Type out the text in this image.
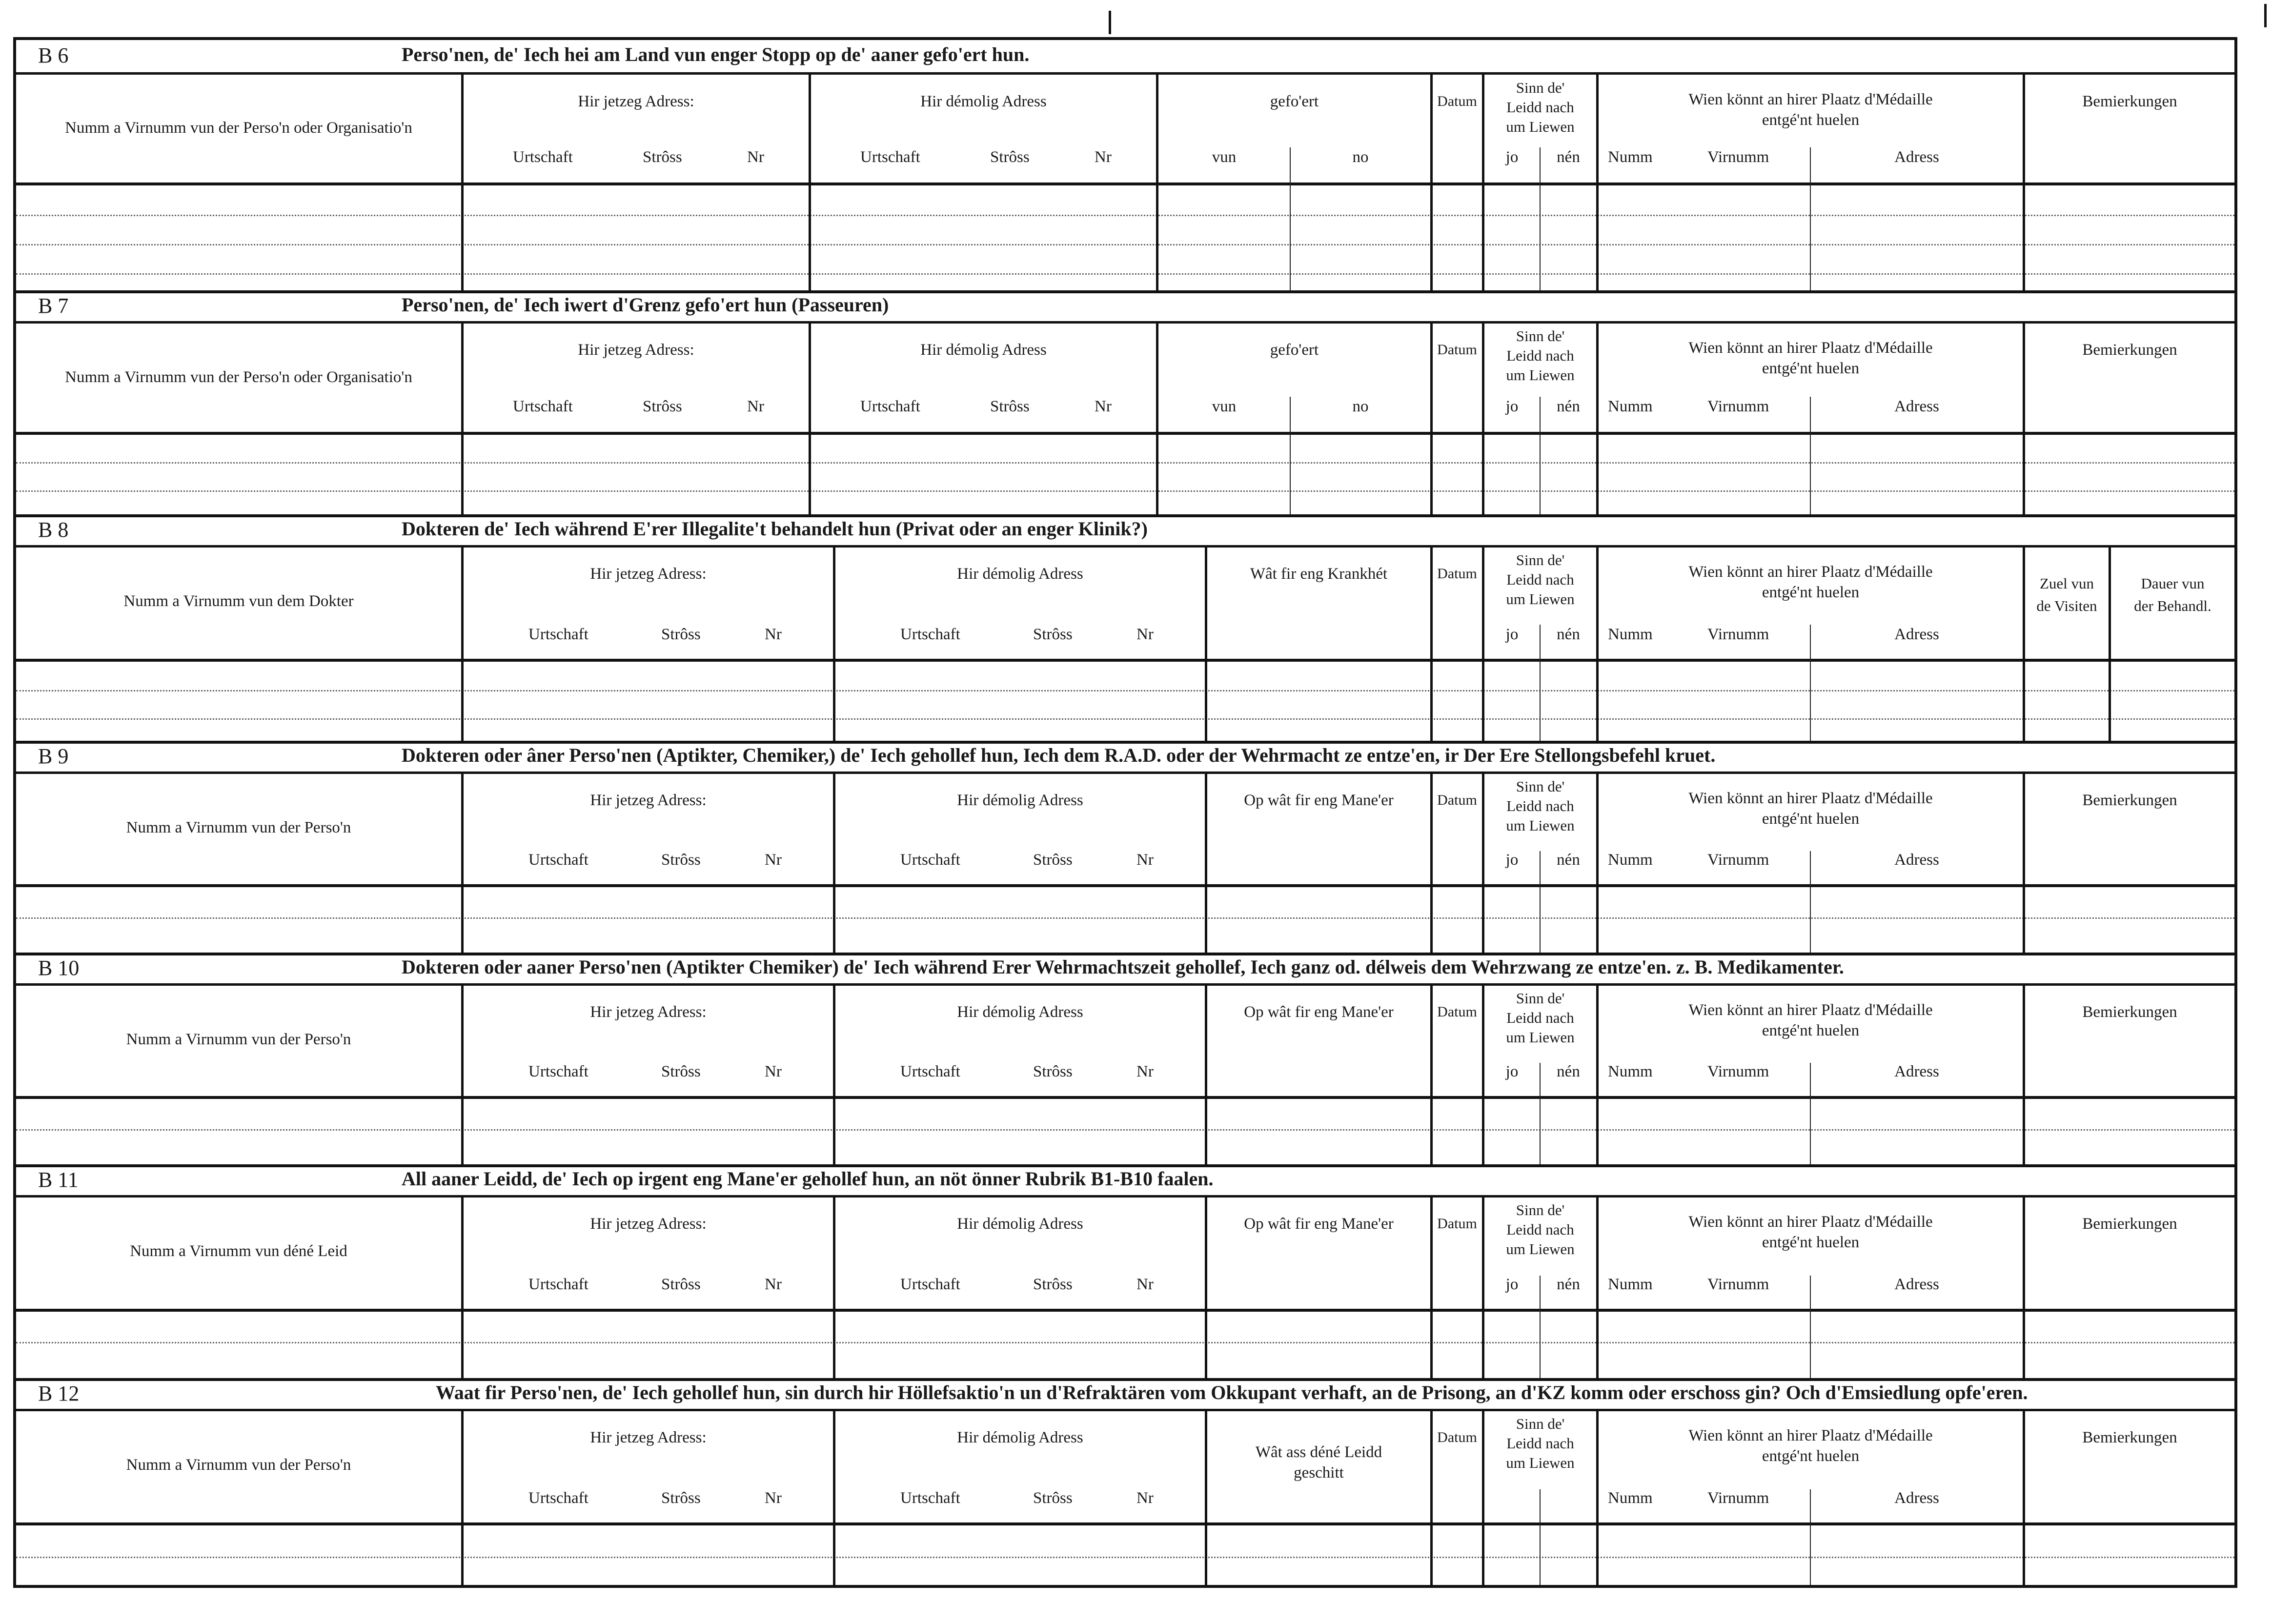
B 6	Perso'nen, de' Iech hei am Land vun enger Stopp op de' aaner gefo'ert hun.
Numm a Virnumm vun der Perso'n oder Organisatio'n
Hir jetzeg Adress:
Urtschaft	Strôss	Nr
Hir démolig Adress
Urtschaft	Strôss	Nr
gefo'ert
vun	no
Datum
Sinn de'
Leidd nach
um Liewen
jo	nén
Wien könnt an hirer Plaatz d'Médaille
entgé'nt huelen
Numm	Virnumm	Adress
Bemierkungen
B 7	Perso'nen, de' Iech iwert d'Grenz gefo'ert hun (Passeuren)
Numm a Virnumm vun der Perso'n oder Organisatio'n
Hir jetzeg Adress:
Urtschaft	Strôss	Nr
Hir démolig Adress
Urtschaft	Strôss	Nr
gefo'ert
vun	no
Datum
Sinn de'
Leidd nach
um Liewen
jo	nén
Wien könnt an hirer Plaatz d'Médaille
entgé'nt huelen
Numm	Virnumm	Adress
Bemierkungen
B 8	Dokteren de' Iech während E'rer Illegalite't behandelt hun (Privat oder an enger Klinik?)
Numm a Virnumm vun dem Dokter
Hir jetzeg Adress:
Urtschaft	Strôss	Nr
Hir démolig Adress
Urtschaft	Strôss	Nr
Wât fir eng Krankhét	Datum
Sinn de'
Leidd nach
um Liewen
jo	nén
Wien könnt an hirer Plaatz d'Médaille
entgé'nt huelen
Numm	Virnumm	Adress
Zuel vun
de Visiten
Dauer vun
der Behandl.
B 9	Dokteren oder âner Perso'nen (Aptikter, Chemiker,) de' Iech gehollef hun, Iech dem R.A.D. oder der Wehrmacht ze entze'en, ir Der Ere Stellongsbefehl kruet.
Numm a Virnumm vun der Perso'n
Hir jetzeg Adress:
Urtschaft	Strôss	Nr
Hir démolig Adress
Urtschaft	Strôss	Nr
Op wât fir eng Mane'er	Datum
Sinn de'
Leidd nach
um Liewen
jo	nén
Wien könnt an hirer Plaatz d'Médaille
entgé'nt huelen
Numm	Virnumm	Adress
Bemierkungen
B 10	Dokteren oder aaner Perso'nen (Aptikter Chemiker) de' Iech während Erer Wehrmachtszeit gehollef, Iech ganz od. délweis dem Wehrzwang ze entze'en. z. B. Medikamenter.
Numm a Virnumm vun der Perso'n
Hir jetzeg Adress:
Urtschaft	Strôss	Nr
Hir démolig Adress
Urtschaft	Strôss	Nr
Op wât fir eng Mane'er	Datum
Sinn de'
Leidd nach
um Liewen
jo	nén
Wien könnt an hirer Plaatz d'Médaille
entgé'nt huelen
Numm	Virnumm	Adress
Bemierkungen
B 11	All aaner Leidd, de' Iech op irgent eng Mane'er gehollef hun, an nöt önner Rubrik B1-B10 faalen.
Numm a Virnumm vun déné Leid
Hir jetzeg Adress:
Urtschaft	Strôss	Nr
Hir démolig Adress
Urtschaft	Strôss	Nr
Op wât fir eng Mane'er	Datum
Sinn de'
Leidd nach
um Liewen
jo	nén
Wien könnt an hirer Plaatz d'Médaille
entgé'nt huelen
Numm	Virnumm	Adress
Bemierkungen
B 12	Waat fir Perso'nen, de' Iech gehollef hun, sin durch hir Höllefsaktio'n un d'Refraktären vom Okkupant verhaft, an de Prisong, an d'KZ komm oder erschoss gin? Och d'Emsiedlung opfe'eren.
Numm a Virnumm vun der Perso'n
Hir jetzeg Adress:
Urtschaft	Strôss	Nr
Hir démolig Adress
Urtschaft	Strôss	Nr
Wât ass déné Leidd
geschitt
Datum
Sinn de'
Leidd nach
um Liewen
Wien könnt an hirer Plaatz d'Médaille
entgé'nt huelen
Numm	Virnumm	Adress
Bemierkungen
